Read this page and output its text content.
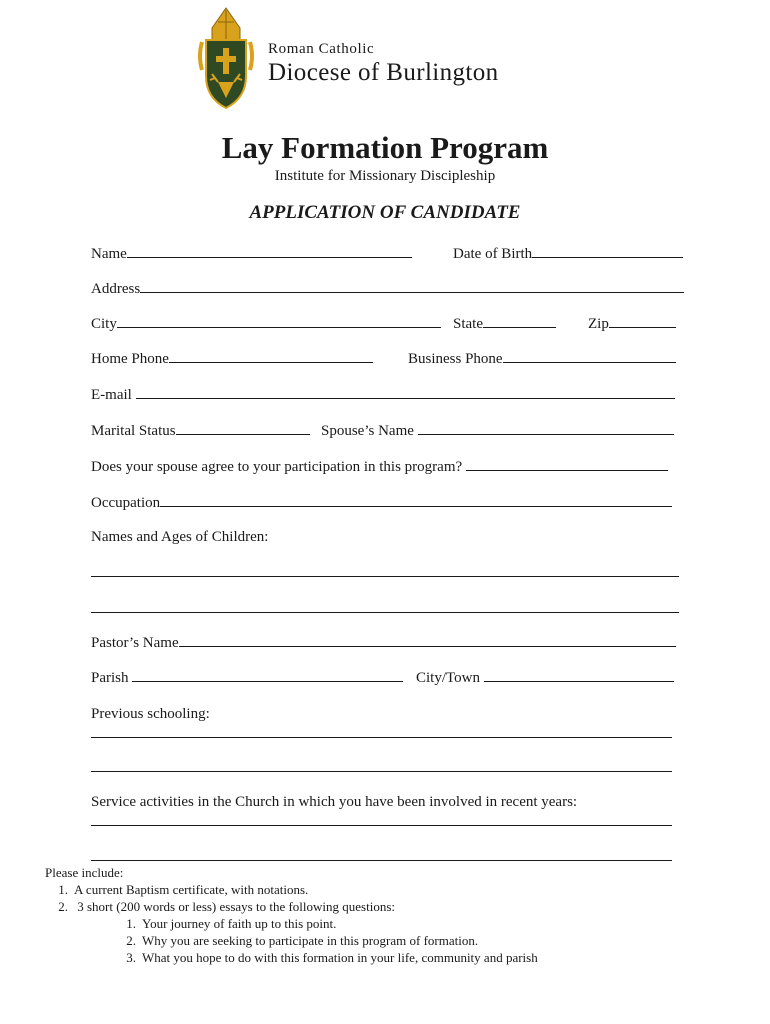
Roman Catholic
Diocese of Burlington
Lay Formation Program
Institute for Missionary Discipleship
APPLICATION OF CANDIDATE
Name	Date of Birth
Address
City	State	Zip
Home Phone	Business Phone
E-mail
Marital Status	Spouse’s Name
Does your spouse agree to your participation in this program?
Occupation
Names and Ages of Children:
Pastor’s Name
Parish	City/Town
Previous schooling:
Service activities in the Church in which you have been involved in recent years:
Please include:
1. A current Baptism certificate, with notations.
2. 3 short (200 words or less) essays to the following questions:
1. Your journey of faith up to this point.
2. Why you are seeking to participate in this program of formation.
3. What you hope to do with this formation in your life, community and parish
